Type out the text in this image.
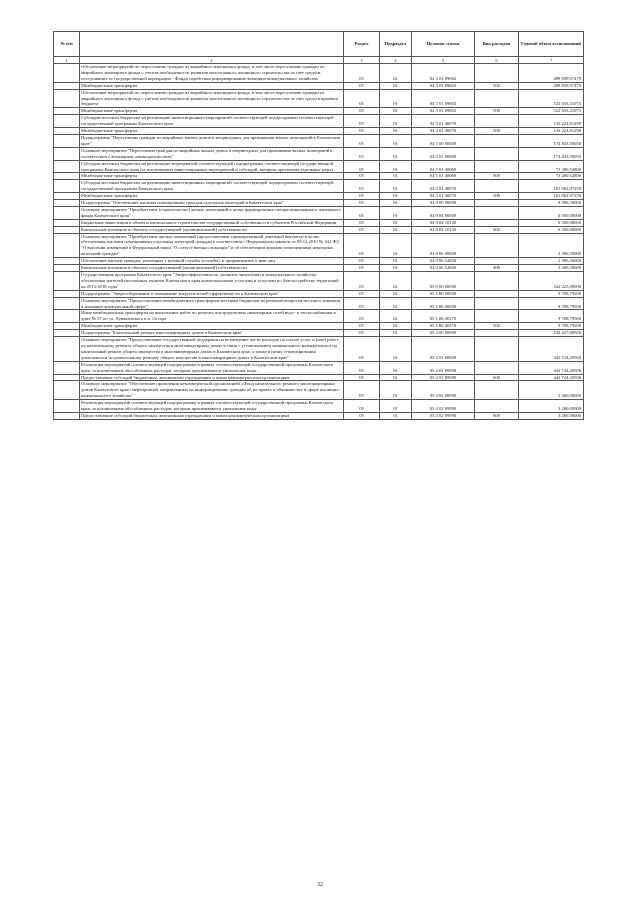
№ п/п		Раздел	Подраздел	Целевая статья	Вид расходов	Годовой объем ассигнований
1	2	3	4	5	6	7
	Обеспечение мероприятий по переселению граждан из аварийного жилищного фонда, в том числе переселению граждан из аварийного жилищного фонда с учетом необходимости развития малоэтажного жилищного строительства за счет средств, поступивших от государственной корпорации - Фонда содействия реформированию жилищно-коммунального хозяйства	05	01	04 3 01 09602		289 839,97479
	Межбюджетные трансферты	05	01	04 3 01 09602	500	289 839,97479
	Обеспечение мероприятий по переселению граждан из аварийного жилищного фонда, в том числе переселению граждан из аварийного жилищного фонда с учетом необходимости развития малоэтажного жилищного строительства за счет средств краевого бюджета	05	01	04 3 01 09602		522 633,41073
	Межбюджетные трансферты	05	01	04 3 01 09602	500	522 633,41073
	Субсидии местным бюджетам на реализацию инвестиционных мероприятий соответствующей подпрограммы соответствующей государственной программы Камчатского края	05	01	04 3 01 40070		143 224,81299
	Межбюджетные трансферты	05	01	04 3 01 40070	500	143 224,81299
	Подпрограмма "Переселение граждан из аварийных жилых домов и непригодных для проживания жилых помещений в Камчатском крае"	05	01	04 5 00 00000		174 843,50050
	Основное мероприятие "Переселение граждан из аварийных жилых домов и непригодных для проживания жилых помещений в соответствии с жилищным законодательством"	05	01	04 5 01 00000		174 843,50050
	Субсидии местным бюджетам на реализацию мероприятий соответствующей подпрограммы соответствующей государственной программы Камчатского края (за исключением инвестиционных мероприятий и субсидий, которым присвоены отдельные коды)	05	01	04 5 01 40060		73 280,52800
	Межбюджетные трансферты	05	01	04 5 01 40060	500	73 280,52800
	Субсидии местным бюджетам на реализацию инвестиционных мероприятий соответствующей подпрограммы соответствующей государственной программы Камчатского края	05	01	04 5 01 40070		101 562,97250
	Межбюджетные трансферты	05	01	04 5 01 40070	500	101 562,97250
	Подпрограмма "Обеспечение жилыми помещениями граждан отдельных категорий в Камчатском крае"	05	01	04 9 00 00000		8 996,50000
	Основное мероприятие "Приобретение (строительство) жилых помещений в целях формирования специализированного жилищного фонда Камчатского края"	05	01	04 9 04 00000		6 500,00000
	Бюджетные инвестиции в объекты капитального строительства государственной собственности субъектов Российской Федерации	05	01	04 9 04 10130		6 500,00000
	Капитальные вложения в объекты государственной (муниципальной) собственности	05	01	04 9 04 10130	400	6 500,00000
	Основное мероприятие "Приобретение жилых помещений (предоставление единовременной денежной выплаты) в целях обеспечения жилыми помещениями отдельных категорий граждан в соответствии с Федеральным законом от 08.12.2010 № 342-ФЗ "О внесении изменений в Федеральный закон "О статусе военнослужащих" и об обеспечении жилыми помещениями некоторых категорий граждан"	05	01	04 9 06 00000		2 496,50000
	Обеспечение жильем граждан, уволенных с военной службы (службы), и приравненных к ним лиц	05	01	04 9 06 54850		2 496,50000
	Капитальные вложения в объекты государственной (муниципальной) собственности	05	01	04 9 06 54850	400	2 496,50000
	Государственная программа Камчатского края "Энергоэффективность, развитие энергетики и коммунального хозяйства, обеспечение жителей населенных пунктов Камчатского края коммунальными услугами и услугами по благоустройству территорий на 2014-2018 годы"	05	01	05 0 00 00000		542 225,80000
	Подпрограмма "Энергосбережение и повышение энергетической эффективности в Камчатском крае"	05	01	05 1 00 00000		9 788,79500
	Основное мероприятие "Предоставление межбюджетных трансфертов местным бюджетам на решение вопросов местного значения в жилищно-коммунальной сфере"	05	01	05 1 06 00000		9 788,79500
	Иные межбюджетные трансферты на выполнение работ по ремонту внутридомовых инженерных сетей водо- и теплоснабжения в доме № 57 по ул. Лукашевского в п. Оссора	05	01	05 1 06 40370		9 788,79500
	Межбюджетные трансферты	05	01	05 1 06 40370	500	9 788,79500
	Подпрограмма "Капитальный ремонт многоквартирных домов в Камчатском крае"	05	01	05 4 00 00000		532 437,00500
	Основное мероприятие "Предоставление государственной поддержки на возмещение части расходов по оплате услуг и (или) работ по капитальному ремонту общего имущества в многоквартирных домах в связи с установлением минимального размера взноса на капитальный ремонт общего имущества в многоквартирных домах в Камчатском крае, а также в целях стимулирования деятельности по капитальному ремонту общего имущества в многоквартирных домах в Камчатском крае"	05	01	05 4 01 00000		442 724,20500
	Реализация мероприятий соответствующей подпрограммы в рамках соответствующей государственной программы Камчатского края, за исключением обособленных расходов, которым присваиваются уникальные коды	05	01	05 4 01 09990		442 724,20500
	Предоставление субсидий бюджетным, автономным учреждениям и иным некоммерческим организациям	05	01	05 4 01 09990	600	442 724,20500
	Основное мероприятие "Обеспечение проведения некоммерческой организацией «Фонд капитального ремонта многоквартирных домов Камчатского края» мероприятий, направленных на информирование граждан об их правах и обязанностях в сфере жилищно-коммунального хозяйства"	05	01	05 4 02 00000		3 260,00000
	Реализация мероприятий соответствующей подпрограммы в рамках соответствующей государственной программы Камчатского края, за исключением обособленных расходов, которым присваиваются уникальные коды	05	01	05 4 02 09990		3 260,00000
	Предоставление субсидий бюджетным, автономным учреждениям и иным некоммерческим организациям	05	01	05 4 02 09990	600	3 260,00000
32
